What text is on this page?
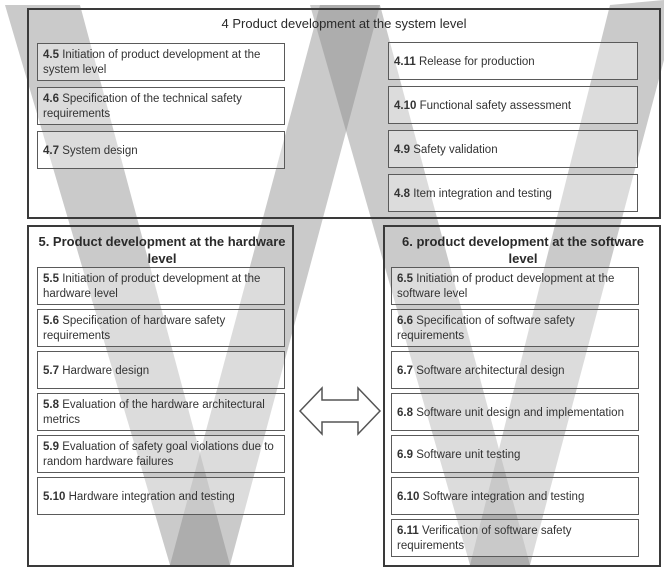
4 Product development at the system level
5. Product development at the hardware level
6. product development at the software level
4.5 Initiation of product development at the system level
4.6 Specification of the technical safety requirements
4.7 System design
4.11 Release for production
4.10 Functional safety assessment
4.9 Safety validation
4.8 Item integration and testing
5.5 Initiation of product development at the hardware level
5.6 Specification of hardware safety requirements
5.7 Hardware design
5.8 Evaluation of the hardware architectural metrics
5.9 Evaluation of safety goal violations due to random hardware failures
5.10 Hardware integration and testing
6.5 Initiation of product development at the software level
6.6 Specification of software safety requirements
6.7 Software architectural design
6.8 Software unit design and implementation
6.9 Software unit testing
6.10 Software integration and testing
6.11 Verification of software safety requirements
